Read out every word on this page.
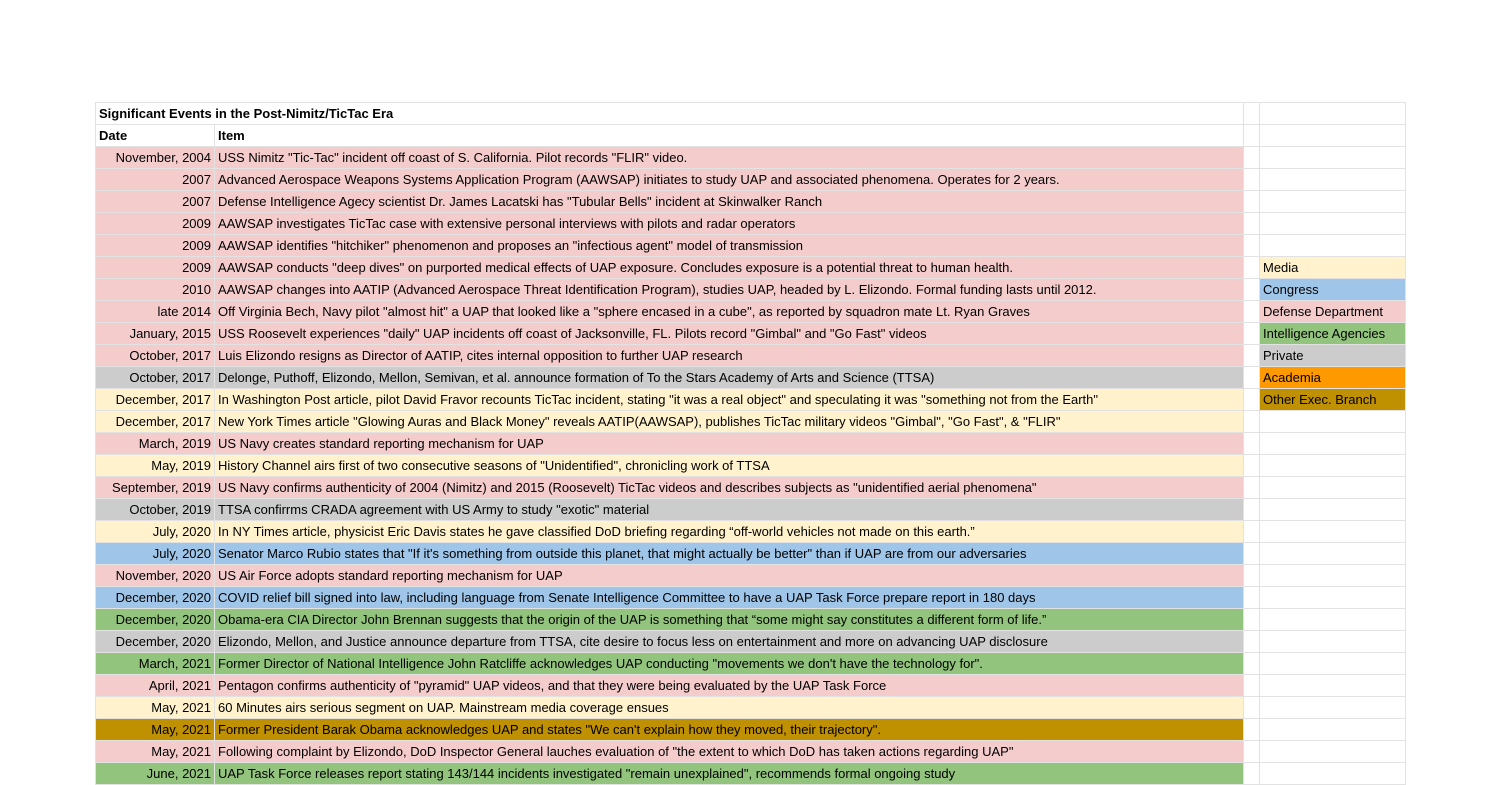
Significant Events in the Post-Nimitz/TicTac Era			
Date	Item		
November, 2004	USS Nimitz "Tic-Tac" incident off coast of S. California. Pilot records "FLIR" video.		
2007	Advanced Aerospace Weapons Systems Application Program (AAWSAP) initiates to study UAP and associated phenomena. Operates for 2 years.		
2007	Defense Intelligence Agecy scientist Dr. James Lacatski has "Tubular Bells" incident at Skinwalker Ranch		
2009	AAWSAP investigates TicTac case with extensive personal interviews with pilots and radar operators		
2009	AAWSAP identifies "hitchiker" phenomenon and proposes an "infectious agent" model of transmission		
2009	AAWSAP conducts "deep dives" on purported medical effects of UAP exposure. Concludes exposure is a potential threat to human health.		Media
2010	AAWSAP changes into AATIP (Advanced Aerospace Threat Identification Program), studies UAP, headed by L. Elizondo. Formal funding lasts until 2012.		Congress
late 2014	Off Virginia Bech, Navy pilot "almost hit" a UAP that looked like a "sphere encased in a cube", as reported by squadron mate Lt. Ryan Graves		Defense Department
January, 2015	USS Roosevelt experiences "daily" UAP incidents off coast of Jacksonville, FL. Pilots record "Gimbal" and "Go Fast" videos		Intelligence Agencies
October, 2017	Luis Elizondo resigns as Director of AATIP, cites internal opposition to further UAP research		Private
October, 2017	Delonge, Puthoff, Elizondo, Mellon, Semivan, et al. announce formation of To the Stars Academy of Arts and Science (TTSA)		Academia
December, 2017	In Washington Post article, pilot David Fravor recounts TicTac incident, stating "it was a real object" and speculating it was "something not from the Earth"		Other Exec. Branch
December, 2017	New York Times article "Glowing Auras and Black Money" reveals AATIP(AAWSAP), publishes TicTac military videos "Gimbal", "Go Fast", & "FLIR"		
March, 2019	US Navy creates standard reporting mechanism for UAP		
May, 2019	History Channel airs first of two consecutive seasons of "Unidentified", chronicling work of TTSA		
September, 2019	US Navy confirms authenticity of 2004 (Nimitz) and 2015 (Roosevelt) TicTac videos and describes subjects as "unidentified aerial phenomena"		
October, 2019	TTSA confirrms CRADA agreement with US Army to study "exotic" material		
July, 2020	In NY Times article, physicist Eric Davis states he gave classified DoD briefing regarding “off-world vehicles not made on this earth.”		
July, 2020	Senator Marco Rubio states that "If it's something from outside this planet, that might actually be better" than if UAP are from our adversaries		
November, 2020	US Air Force adopts standard reporting mechanism for UAP		
December, 2020	COVID relief bill signed into law, including language from Senate Intelligence Committee to have a UAP Task Force prepare report in 180 days		
December, 2020	Obama-era CIA Director John Brennan suggests that the origin of the UAP is something that “some might say constitutes a different form of life.”		
December, 2020	Elizondo, Mellon, and Justice announce departure from TTSA, cite desire to focus less on entertainment and more on advancing UAP disclosure		
March, 2021	Former Director of National Intelligence John Ratcliffe acknowledges UAP conducting "movements we don't have the technology for".		
April, 2021	Pentagon confirms authenticity of "pyramid" UAP videos, and that they were being evaluated by the UAP Task Force		
May, 2021	60 Minutes airs serious segment on UAP. Mainstream media coverage ensues		
May, 2021	Former President Barak Obama acknowledges UAP and states "We can't explain how they moved, their trajectory".		
May, 2021	Following complaint by Elizondo, DoD Inspector General lauches evaluation of "the extent to which DoD has taken actions regarding UAP"		
June, 2021	UAP Task Force releases report stating 143/144 incidents investigated "remain unexplained", recommends formal ongoing study		
